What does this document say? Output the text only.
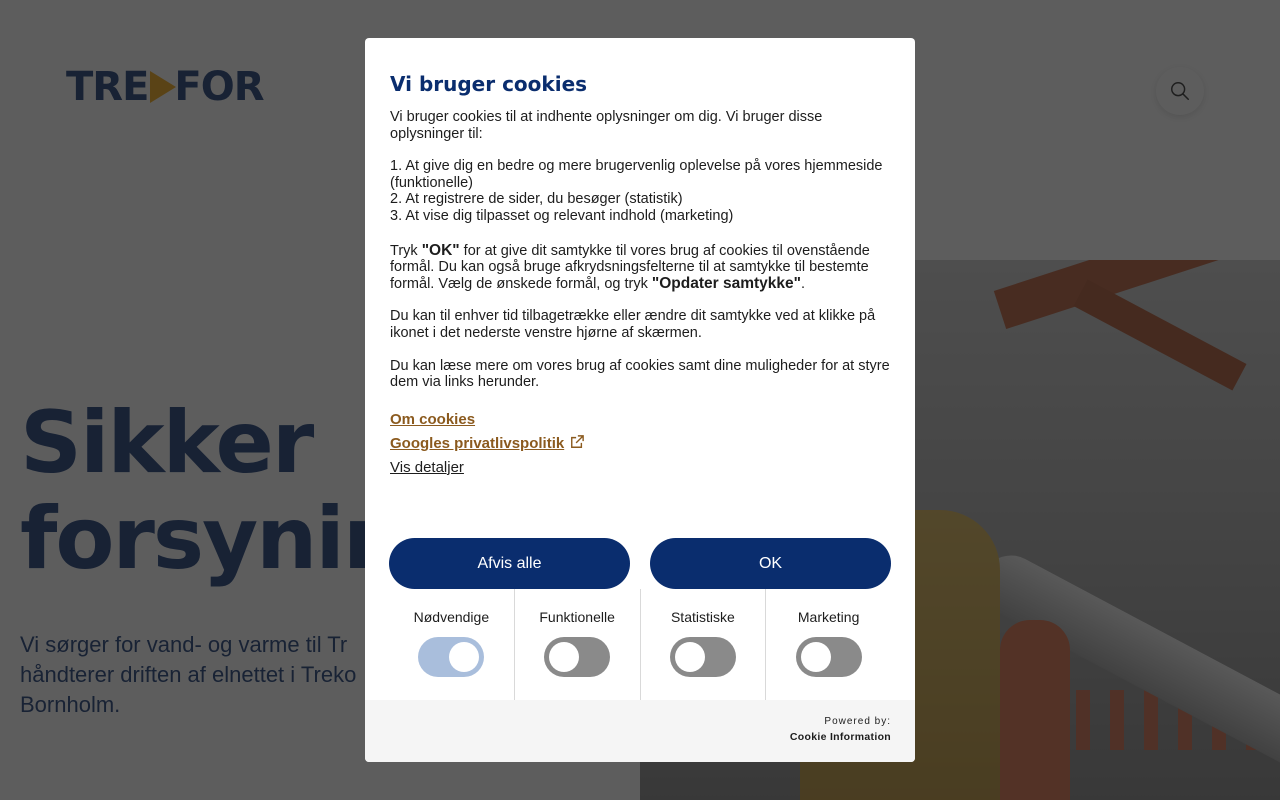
Vi bruger cookies

Vi bruger cookies til at indhente oplysninger om dig. Vi bruger disse oplysninger til:

1. At give dig en bedre og mere brugervenlig oplevelse på vores hjemmeside (funktionelle)
2. At registrere de sider, du besøger (statistik)
3. At vise dig tilpasset og relevant indhold (marketing)

Tryk "OK" for at give dit samtykke til vores brug af cookies til ovenstående formål. Du kan også bruge afkrydsningsfelterne til at samtykke til bestemte formål. Vælg de ønskede formål, og tryk "Opdater samtykke".

Du kan til enhver tid tilbagetrække eller ændre dit samtykke ved at klikke på ikonet i det nederste venstre hjørne af skærmen.

Du kan læse mere om vores brug af cookies samt dine muligheder for at styre dem via links herunder.

Om cookies
Googles privatlivspolitik
Vis detaljer
Afvis alle	OK
Nødvendige	Funktionelle	Statistiske	Marketing
Powered by:
Cookie Information
